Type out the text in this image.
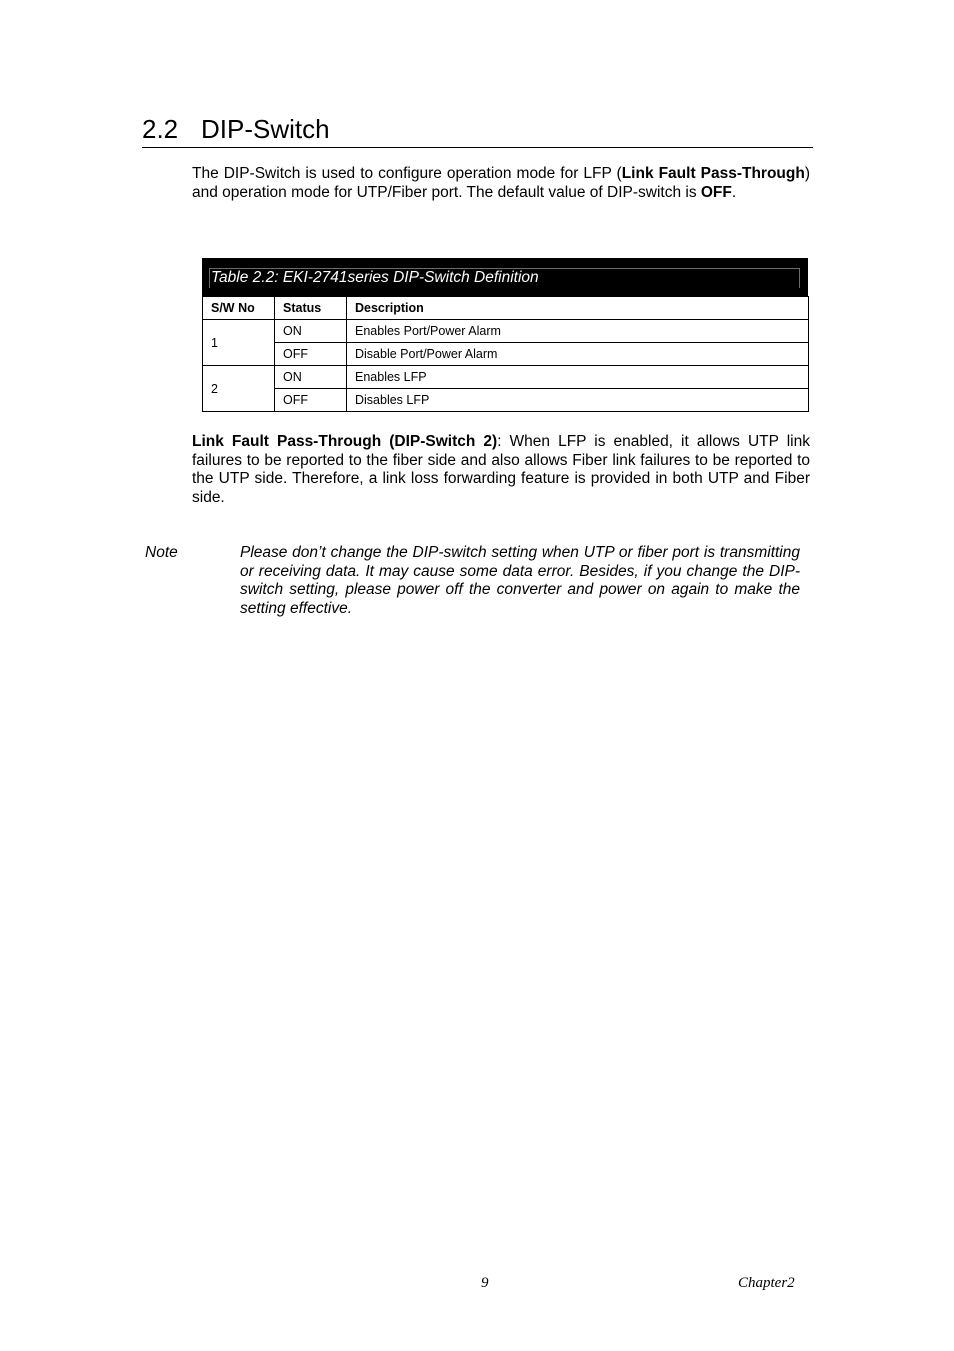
2.2 DIP-Switch
The DIP-Switch is used to configure operation mode for LFP (Link Fault Pass-Through) and operation mode for UTP/Fiber port. The default value of DIP-switch is OFF.
Table 2.2: EKI-2741series DIP-Switch Definition
S/W No	Status	Description
1	ON	Enables Port/Power Alarm
	OFF	Disable Port/Power Alarm
2	ON	Enables LFP
	OFF	Disables LFP
Link Fault Pass-Through (DIP-Switch 2): When LFP is enabled, it allows UTP link failures to be reported to the fiber side and also allows Fiber link failures to be reported to the UTP side. Therefore, a link loss forwarding feature is provided in both UTP and Fiber side.
Note	Please don’t change the DIP-switch setting when UTP or fiber port is transmitting or receiving data. It may cause some data error. Besides, if you change the DIP-switch setting, please power off the converter and power on again to make the setting effective.
9	Chapter2
